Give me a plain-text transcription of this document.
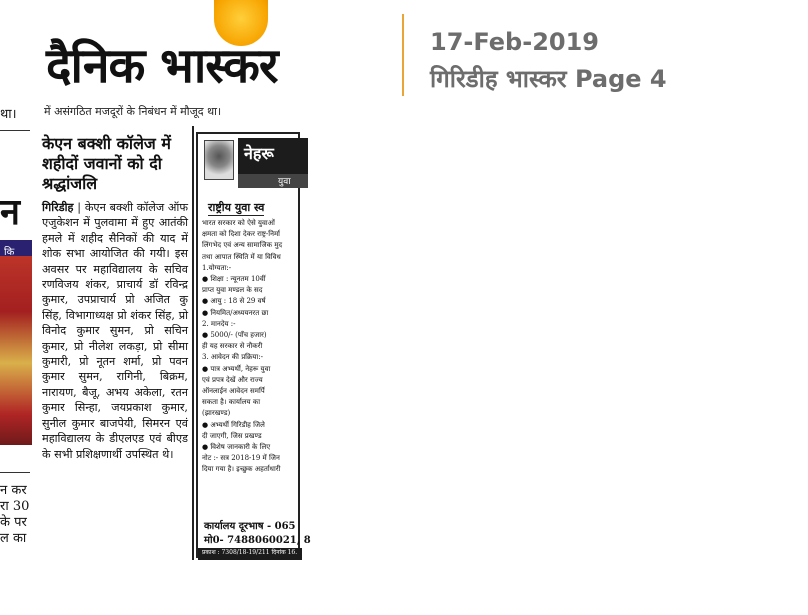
दैनिक भास्कर	17-Feb-2019
गिरिडीह भास्कर Page 4
था।
न
कि
न कर
रा 30
के पर
ल का
में असंगठित मजदूरों के निबंधन में मौजूद था।
केएन बक्शी कॉलेज में शहीदों जवानों को दी श्रद्धांजलि
गिरिडीह | केएन बक्शी कॉलेज ऑफ एजुकेशन में पुलवामा में हुए आतंकी हमले में शहीद सैनिकों की याद में शोक सभा आयोजित की गयी। इस अवसर पर महाविद्यालय के सचिव रणविजय शंकर, प्राचार्य डॉ रविन्द्र कुमार, उपप्राचार्य प्रो अजित कु सिंह, विभागाध्यक्ष प्रो शंकर सिंह, प्रो विनोद कुमार सुमन, प्रो सचिन कुमार, प्रो नीलेश लकड़ा, प्रो सीमा कुमारी, प्रो नूतन शर्मा, प्रो पवन कुमार सुमन, रागिनी, बिक्रम, नारायण, बैजू, अभय अकेला, रतन कुमार सिन्हा, जयप्रकाश कुमार, सुनील कुमार बाजपेयी, सिमरन एवं महाविद्यालय के डीएलएड एवं बीएड के सभी प्रशिक्षणार्थी उपस्थित थे।
नेहरू
युवा
राष्ट्रीय युवा स्व
भारत सरकार को ऐसे युवाओं
क्षमता को दिशा देकर राष्ट्र-निर्मा
लिंगभेद एवं अन्य सामाजिक मुद
तथा आपात स्थिति में या विविध
1.योग्यता:-
● शिक्षा : न्यूनतम 10वीं
प्राप्त युवा मण्डल के सद
● आयु : 18 से 29 वर्ष
● नियमित/अध्ययनरत छा
2. मानदेय :-
● 5000/- (पाँच हजार)
ही यह सरकार से नौकरी
3. आवेदन की प्रक्रिया:-
● पात्र अभ्यर्थी, नेहरू युवा
एवं प्रपत्र देखें और राज्य
ऑनलाईन आवेदन समर्पि
सकता है। कार्यालय का
(झारखण्ड)
● अभ्यर्थी गिरिडीह जिले
दी जाएगी, जिस प्रखण्ड
● विशेष जानकारी के लिए
नोट :- सत्र 2018-19 में जिन
दिया गया है। इच्छुक अहर्ताधारी
कार्यालय दूरभाष - 065
मो0- 7488060021, 8
प्रकाश : 7308/18-19/211 दिनांक 16.
